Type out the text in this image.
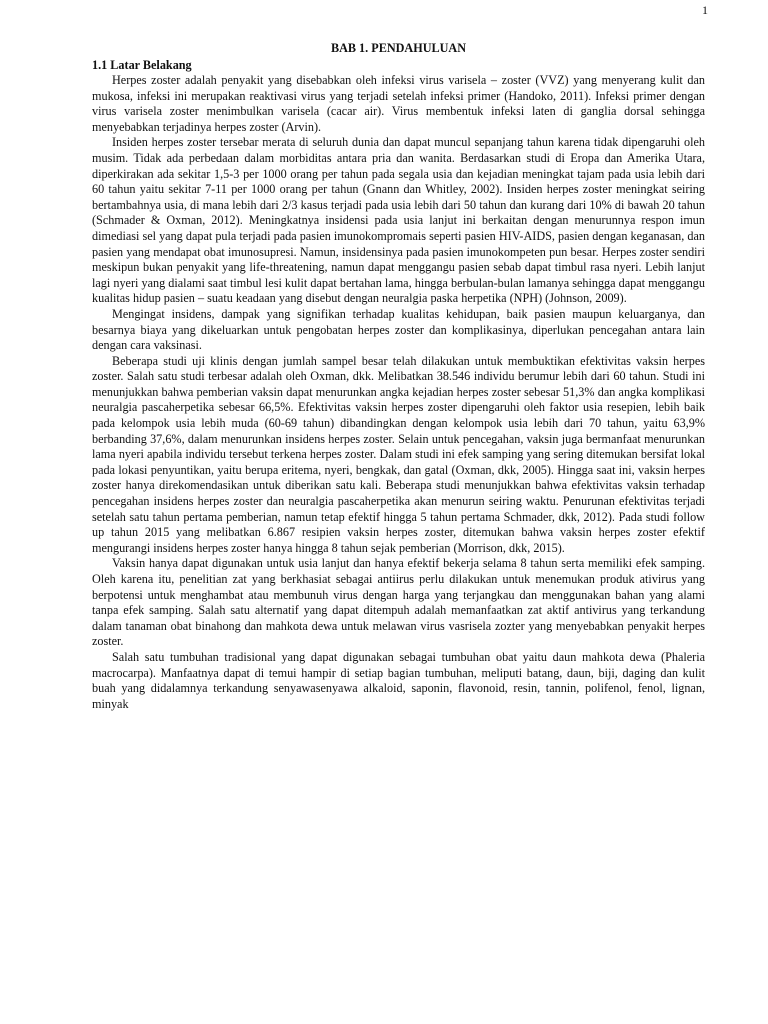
1
BAB 1. PENDAHULUAN
1.1 Latar Belakang

Herpes zoster adalah penyakit yang disebabkan oleh infeksi virus varisela – zoster (VVZ) yang menyerang kulit dan mukosa, infeksi ini merupakan reaktivasi virus yang terjadi setelah infeksi primer (Handoko, 2011). Infeksi primer dengan virus varisela zoster menimbulkan varisela (cacar air). Virus membentuk infeksi laten di ganglia dorsal sehingga menyebabkan terjadinya herpes zoster (Arvin).

Insiden herpes zoster tersebar merata di seluruh dunia dan dapat muncul sepanjang tahun karena tidak dipengaruhi oleh musim. Tidak ada perbedaan dalam morbiditas antara pria dan wanita. Berdasarkan studi di Eropa dan Amerika Utara, diperkirakan ada sekitar 1,5-3 per 1000 orang per tahun pada segala usia dan kejadian meningkat tajam pada usia lebih dari 60 tahun yaitu sekitar 7-11 per 1000 orang per tahun (Gnann dan Whitley, 2002). Insiden herpes zoster meningkat seiring bertambahnya usia, di mana lebih dari 2/3 kasus terjadi pada usia lebih dari 50 tahun dan kurang dari 10% di bawah 20 tahun (Schmader & Oxman, 2012). Meningkatnya insidensi pada usia lanjut ini berkaitan dengan menurunnya respon imun dimediasi sel yang dapat pula terjadi pada pasien imunokompromais seperti pasien HIV-AIDS, pasien dengan keganasan, dan pasien yang mendapat obat imunosupresi. Namun, insidensinya pada pasien imunokompeten pun besar. Herpes zoster sendiri meskipun bukan penyakit yang life-threatening, namun dapat menggangu pasien sebab dapat timbul rasa nyeri. Lebih lanjut lagi nyeri yang dialami saat timbul lesi kulit dapat bertahan lama, hingga berbulan-bulan lamanya sehingga dapat menggangu kualitas hidup pasien – suatu keadaan yang disebut dengan neuralgia paska herpetika (NPH) (Johnson, 2009).

Mengingat insidens, dampak yang signifikan terhadap kualitas kehidupan, baik pasien maupun keluarganya, dan besarnya biaya yang dikeluarkan untuk pengobatan herpes zoster dan komplikasinya, diperlukan pencegahan antara lain dengan cara vaksinasi.

Beberapa studi uji klinis dengan jumlah sampel besar telah dilakukan untuk membuktikan efektivitas vaksin herpes zoster. Salah satu studi terbesar adalah oleh Oxman, dkk. Melibatkan 38.546 individu berumur lebih dari 60 tahun. Studi ini menunjukkan bahwa pemberian vaksin dapat menurunkan angka kejadian herpes zoster sebesar 51,3% dan angka komplikasi neuralgia pascaherpetika sebesar 66,5%. Efektivitas vaksin herpes zoster dipengaruhi oleh faktor usia resepien, lebih baik pada kelompok usia lebih muda (60-69 tahun) dibandingkan dengan kelompok usia lebih dari 70 tahun, yaitu 63,9% berbanding 37,6%, dalam menurunkan insidens herpes zoster. Selain untuk pencegahan, vaksin juga bermanfaat menurunkan lama nyeri apabila individu tersebut terkena herpes zoster. Dalam studi ini efek samping yang sering ditemukan bersifat lokal pada lokasi penyuntikan, yaitu berupa eritema, nyeri, bengkak, dan gatal (Oxman, dkk, 2005). Hingga saat ini, vaksin herpes zoster hanya direkomendasikan untuk diberikan satu kali. Beberapa studi menunjukkan bahwa efektivitas vaksin terhadap pencegahan insidens herpes zoster dan neuralgia pascaherpetika akan menurun seiring waktu. Penurunan efektivitas terjadi setelah satu tahun pertama pemberian, namun tetap efektif hingga 5 tahun pertama Schmader, dkk, 2012). Pada studi follow up tahun 2015 yang melibatkan 6.867 resipien vaksin herpes zoster, ditemukan bahwa vaksin herpes zoster efektif mengurangi insidens herpes zoster hanya hingga 8 tahun sejak pemberian (Morrison, dkk, 2015).

Vaksin hanya dapat digunakan untuk usia lanjut dan hanya efektif bekerja selama 8 tahun serta memiliki efek samping. Oleh karena itu, penelitian zat yang berkhasiat sebagai antiirus perlu dilakukan untuk menemukan produk ativirus yang berpotensi untuk menghambat atau membunuh virus dengan harga yang terjangkau dan menggunakan bahan yang alami tanpa efek samping. Salah satu alternatif yang dapat ditempuh adalah memanfaatkan zat aktif antivirus yang terkandung dalam tanaman obat binahong dan mahkota dewa untuk melawan virus vasrisela zozter yang menyebabkan penyakit herpes zoster.

Salah satu tumbuhan tradisional yang dapat digunakan sebagai tumbuhan obat yaitu daun mahkota dewa (Phaleria macrocarpa). Manfaatnya dapat di temui hampir di setiap bagian tumbuhan, meliputi batang, daun, biji, daging dan kulit buah yang didalamnya terkandung senyawasenyawa alkaloid, saponin, flavonoid, resin, tannin, polifenol, fenol, lignan, minyak
